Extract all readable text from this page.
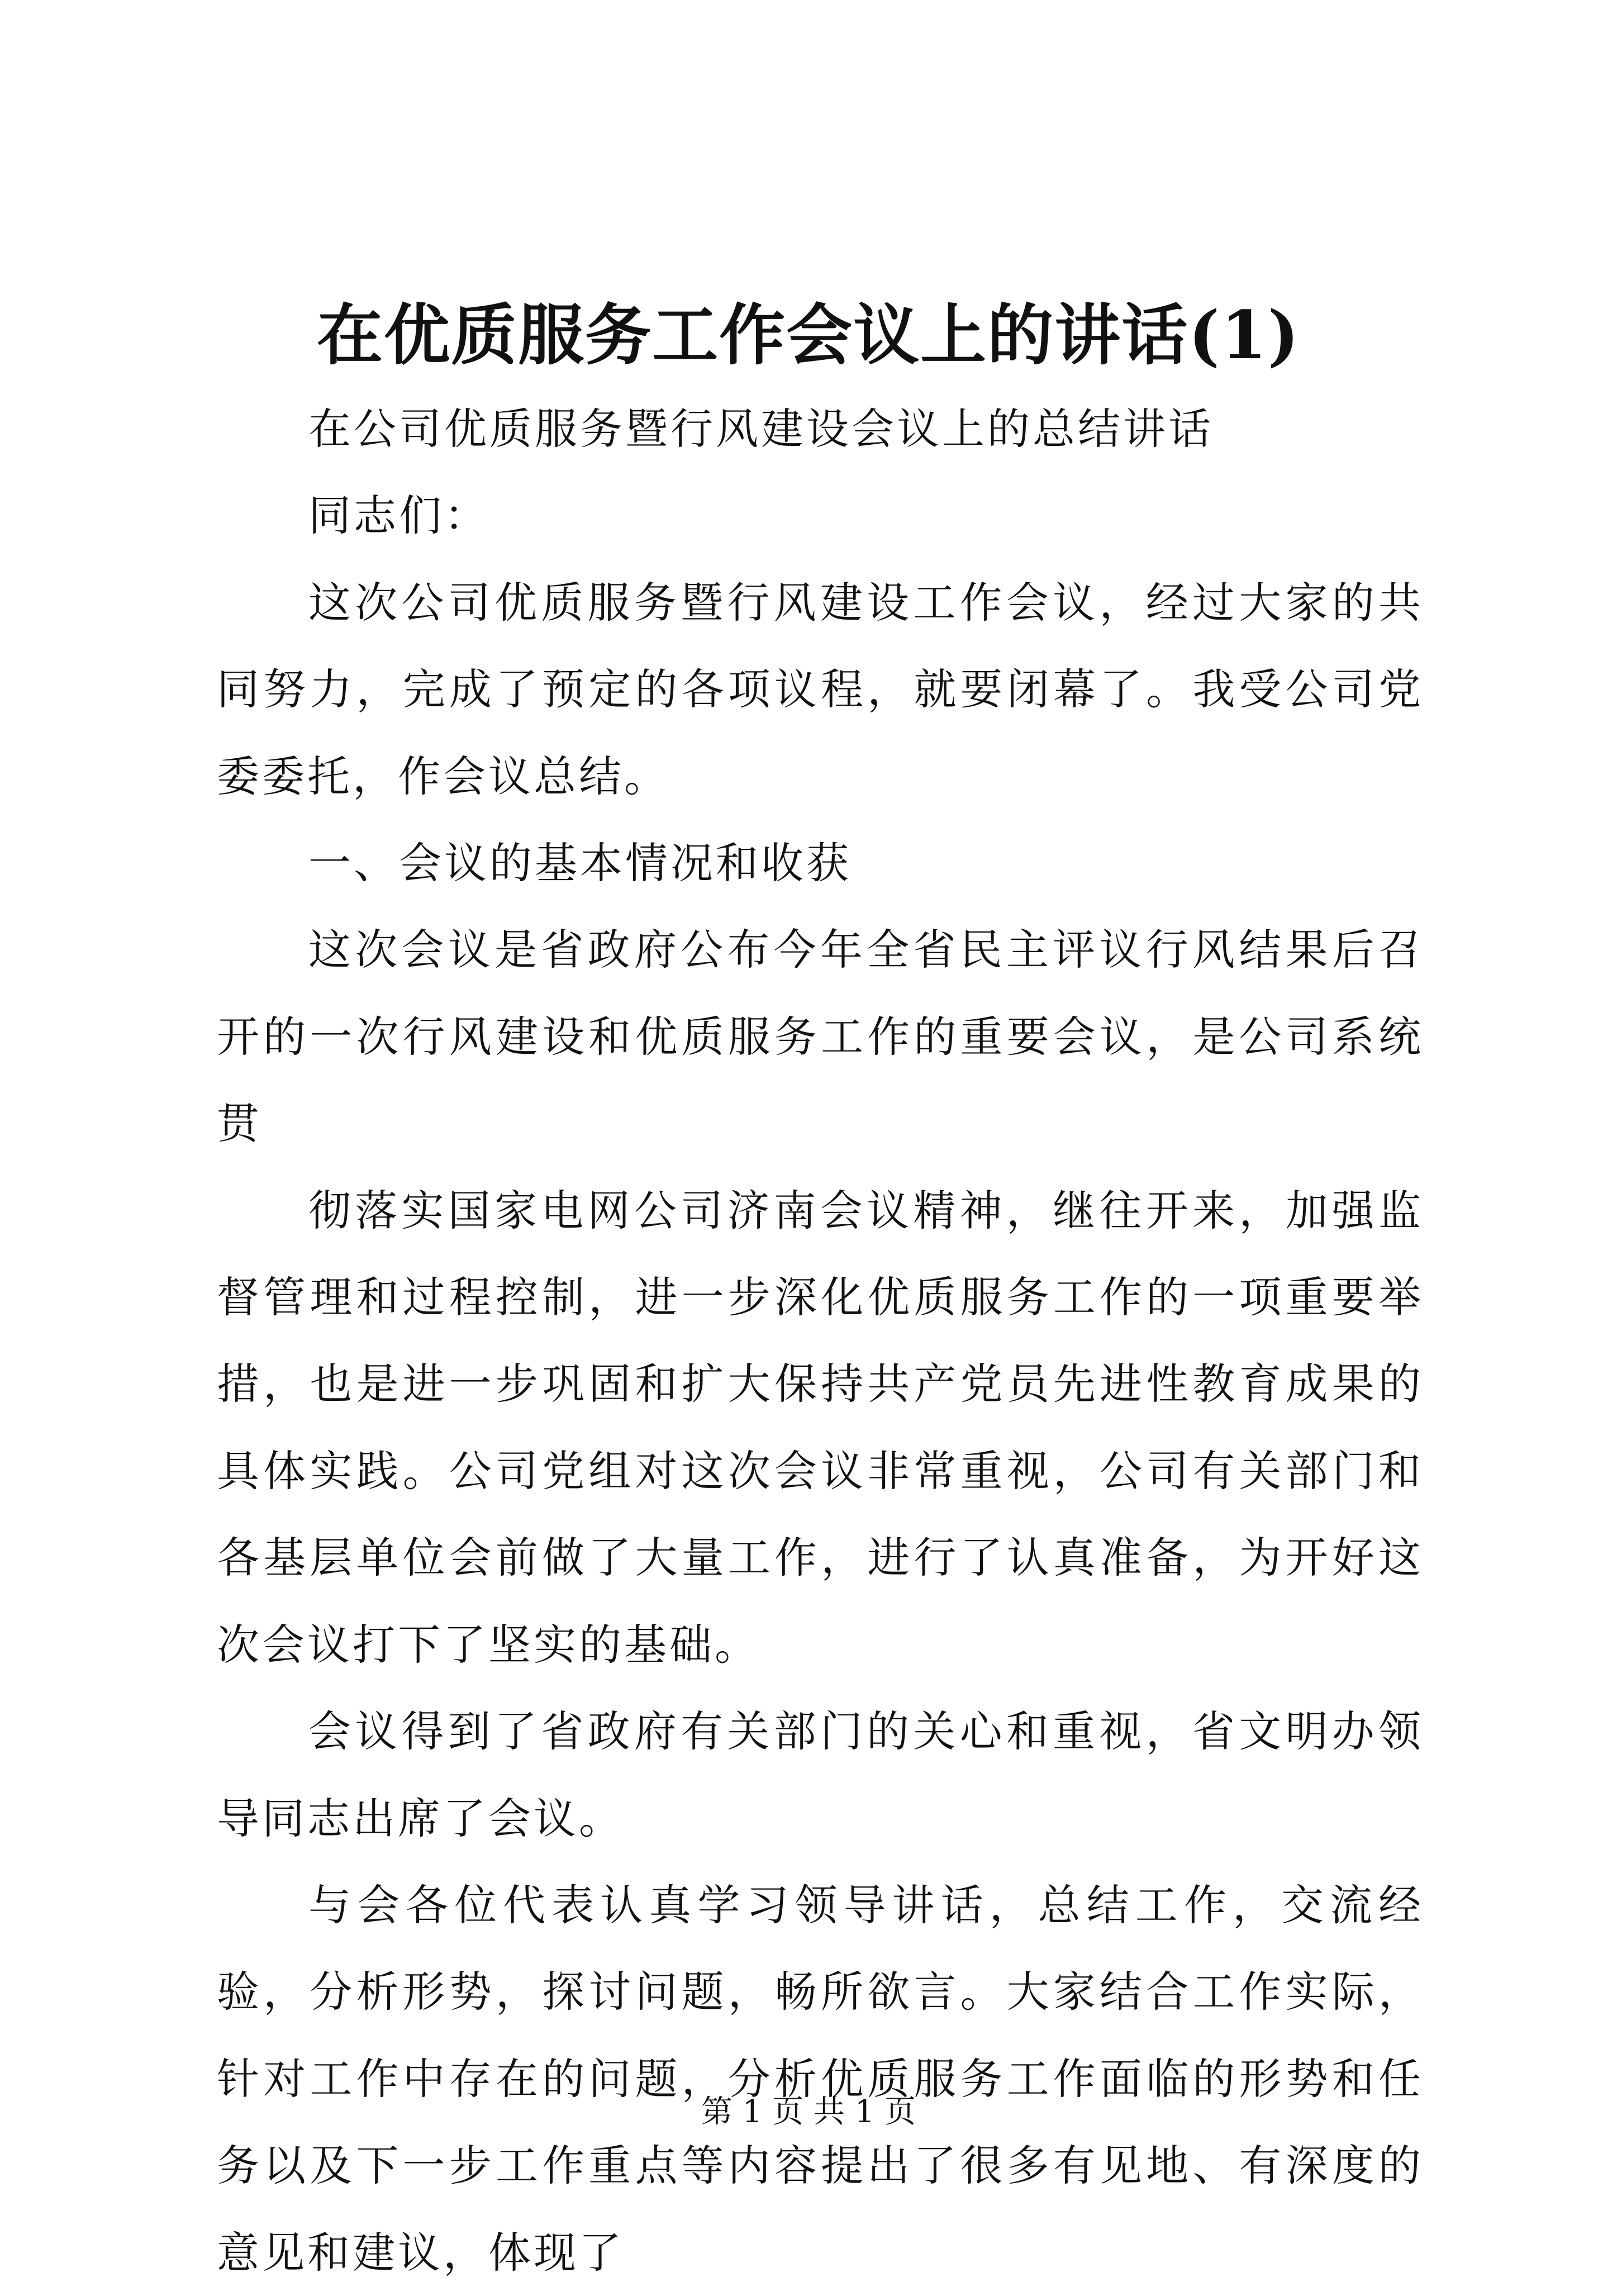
在优质服务工作会议上的讲话(1)

在公司优质服务暨行风建设会议上的总结讲话

同志们：

这次公司优质服务暨行风建设工作会议，经过大家的共同努力，完成了预定的各项议程，就要闭幕了。我受公司党委委托，作会议总结。

一、会议的基本情况和收获

这次会议是省政府公布今年全省民主评议行风结果后召开的一次行风建设和优质服务工作的重要会议，是公司系统贯

彻落实国家电网公司济南会议精神，继往开来，加强监督管理和过程控制，进一步深化优质服务工作的一项重要举措，也是进一步巩固和扩大保持共产党员先进性教育成果的具体实践。公司党组对这次会议非常重视，公司有关部门和各基层单位会前做了大量工作，进行了认真准备，为开好这次会议打下了坚实的基础。

会议得到了省政府有关部门的关心和重视，省文明办领导同志出席了会议。

与会各位代表认真学习领导讲话，总结工作，交流经验，分析形势，探讨问题，畅所欲言。大家结合工作实际，针对工作中存在的问题，分析优质服务工作面临的形势和任务以及下一步工作重点等内容提出了很多有见地、有深度的意见和建议，体现了

第 1 页 共 1 页
